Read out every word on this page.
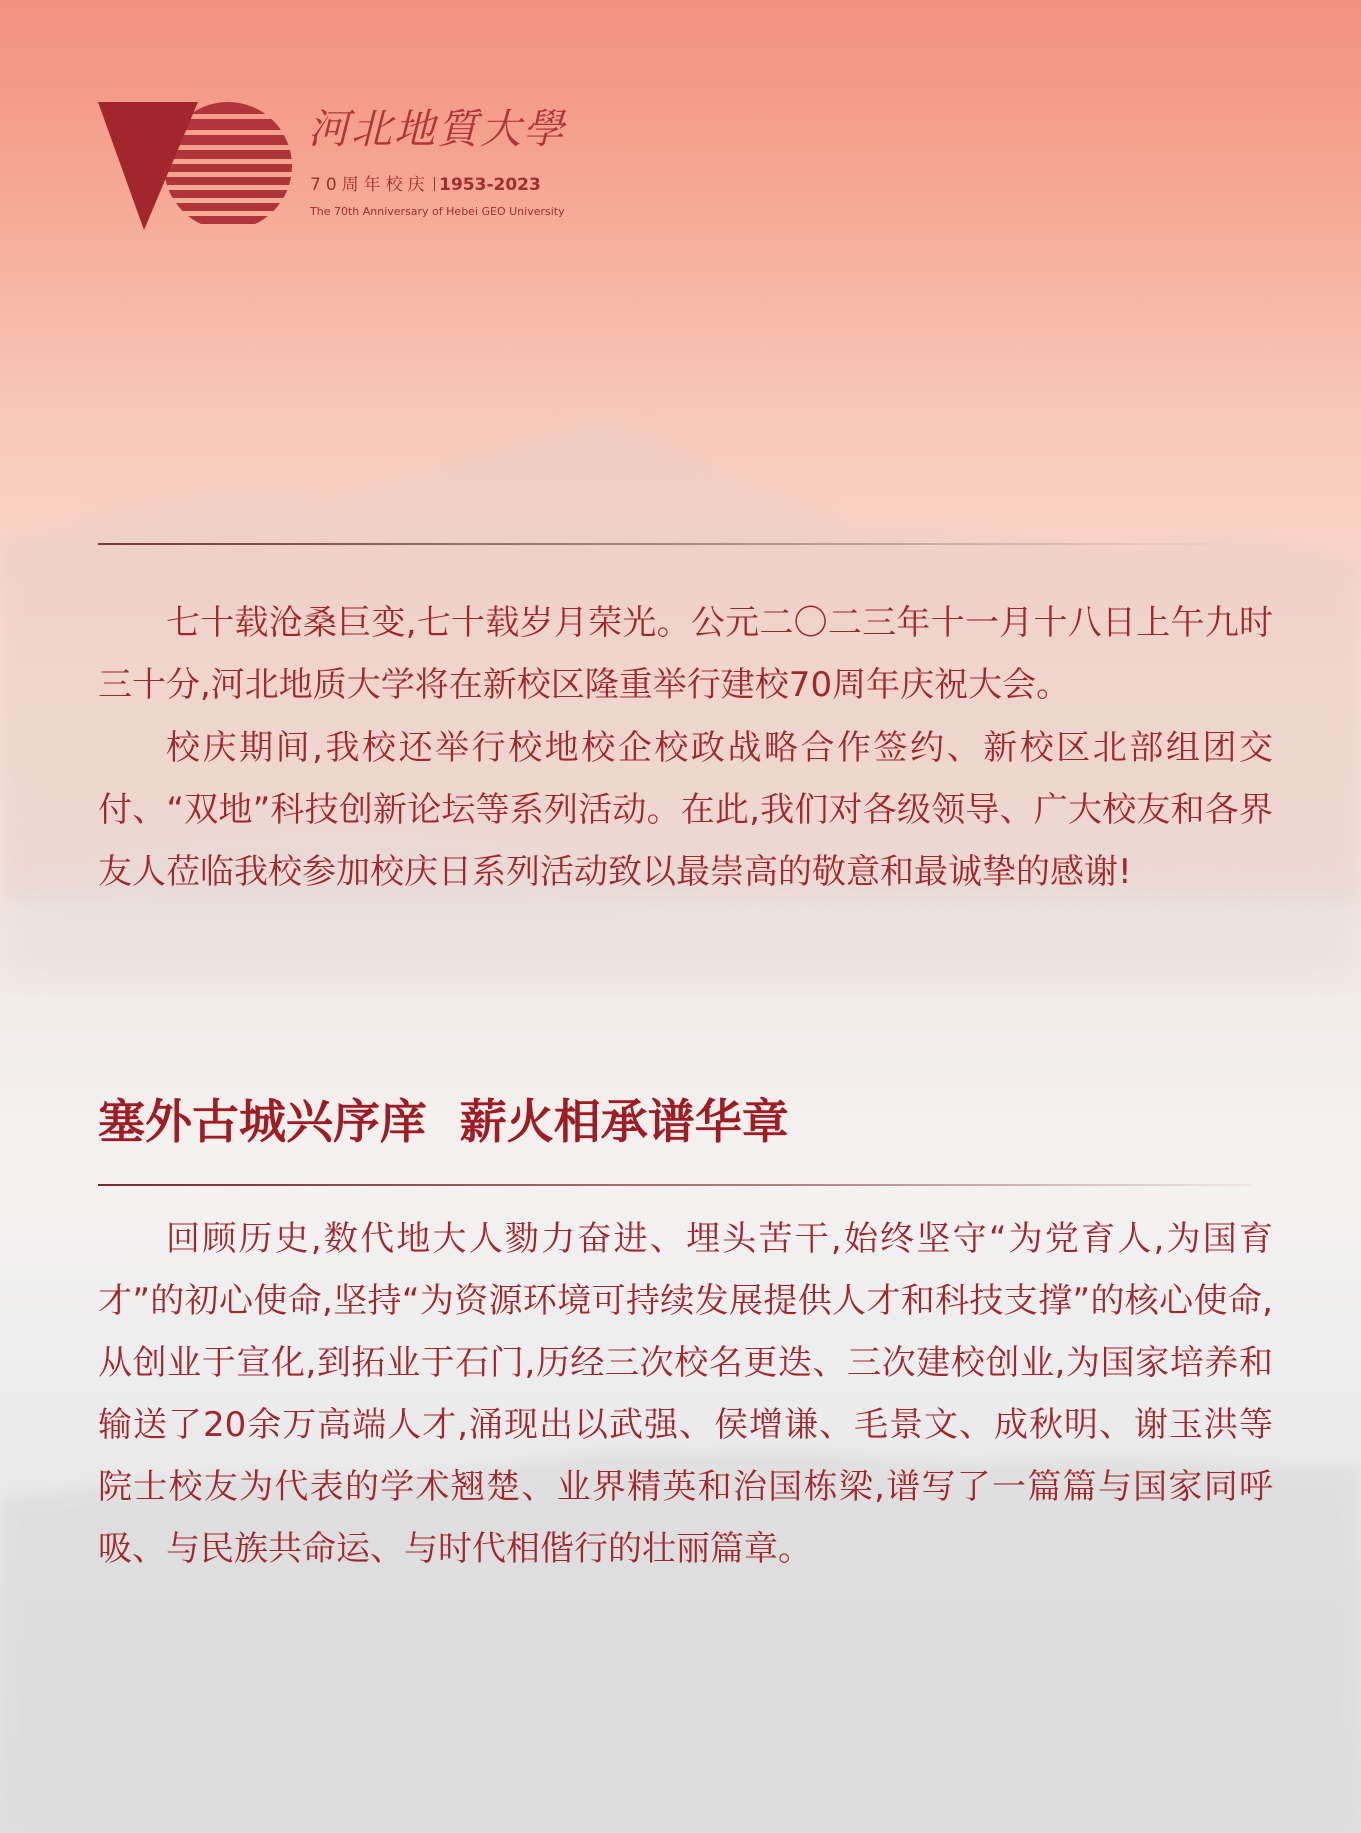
河北地質大學
70周年校庆 1953-2023
The 70th Anniversary of Hebei GEO University

七十载沧桑巨变,七十载岁月荣光。公元二〇二三年十一月十八日上午九时三十分,河北地质大学将在新校区隆重举行建校70周年庆祝大会。

校庆期间,我校还举行校地校企校政战略合作签约、新校区北部组团交付、“双地”科技创新论坛等系列活动。在此,我们对各级领导、广大校友和各界友人莅临我校参加校庆日系列活动致以最崇高的敬意和最诚挚的感谢!

塞外古城兴序庠  薪火相承谱华章

回顾历史,数代地大人勠力奋进、埋头苦干,始终坚守“为党育人,为国育才”的初心使命,坚持“为资源环境可持续发展提供人才和科技支撑”的核心使命,从创业于宣化,到拓业于石门,历经三次校名更迭、三次建校创业,为国家培养和输送了20余万高端人才,涌现出以武强、侯增谦、毛景文、成秋明、谢玉洪等院士校友为代表的学术翘楚、业界精英和治国栋梁,谱写了一篇篇与国家同呼吸、与民族共命运、与时代相偕行的壮丽篇章。
